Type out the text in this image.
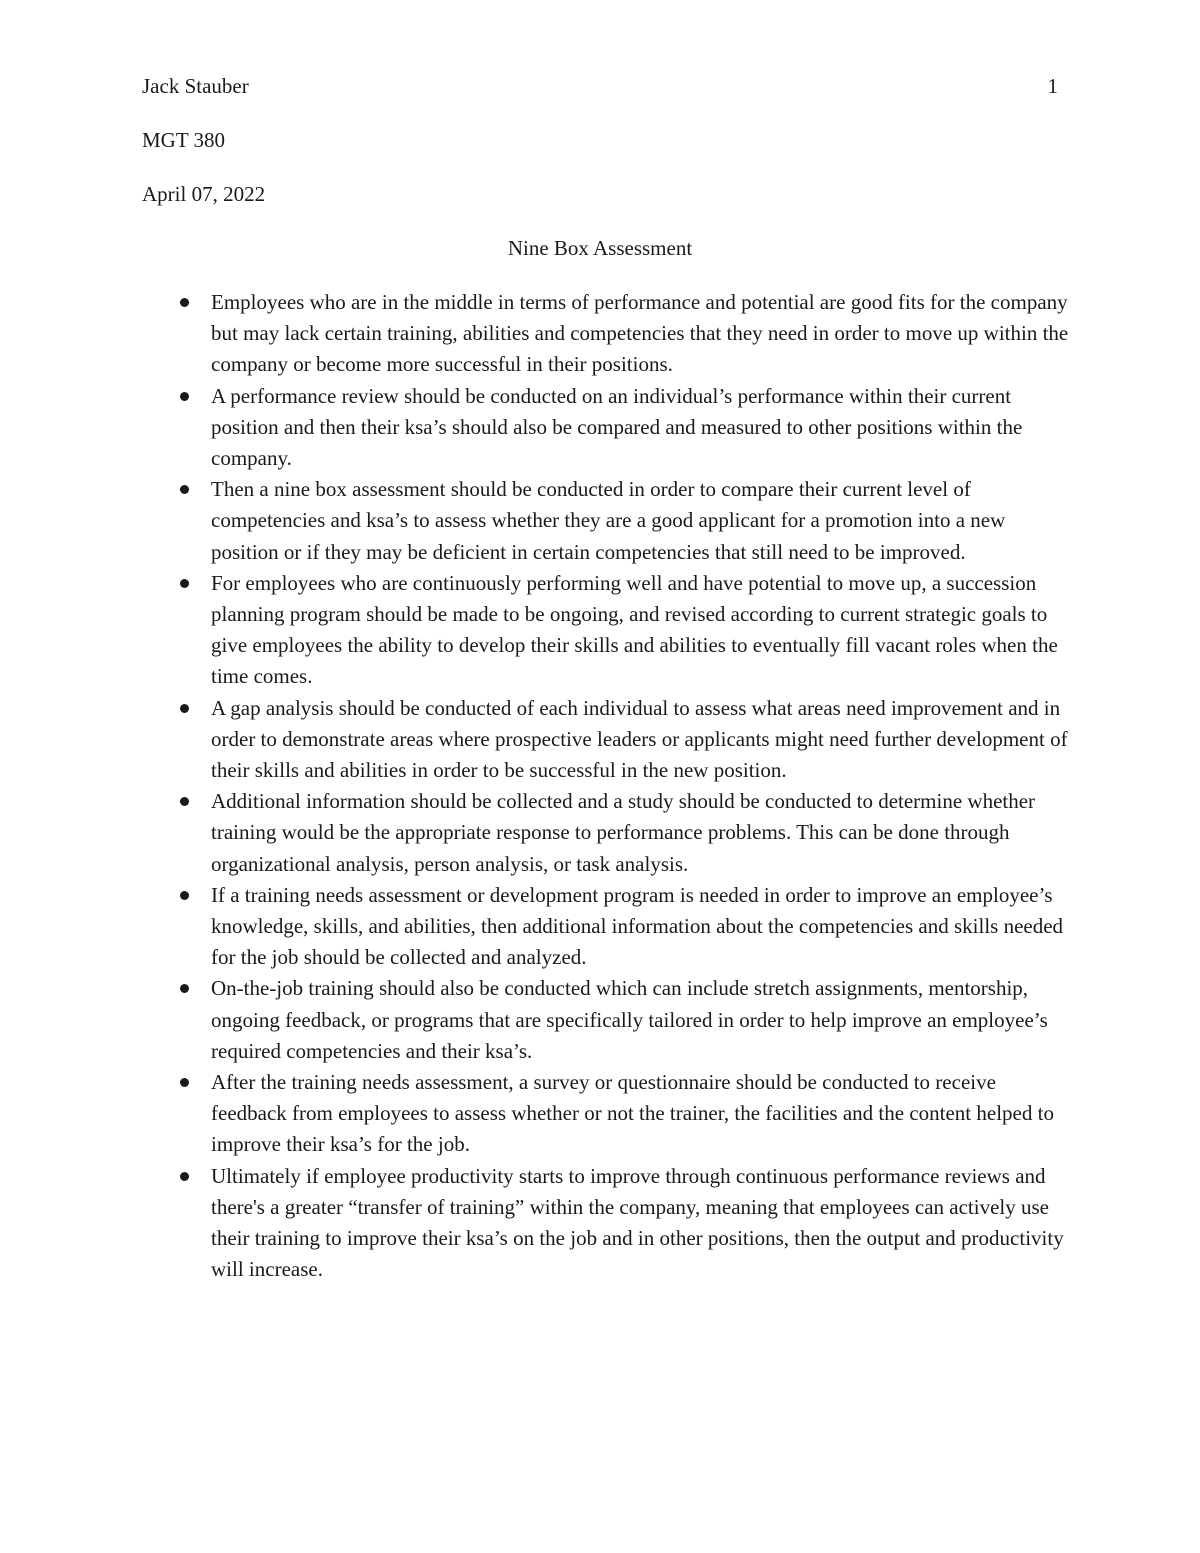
Jack Stauber	1
MGT 380
April 07, 2022
Nine Box Assessment
Employees who are in the middle in terms of performance and potential are good fits for the company but may lack certain training, abilities and competencies that they need in order to move up within the company or become more successful in their positions.
A performance review should be conducted on an individual’s performance within their current position and then their ksa’s should also be compared and measured to other positions within the company.
Then a nine box assessment should be conducted in order to compare their current level of competencies and ksa’s to assess whether they are a good applicant for a promotion into a new position or if they may be deficient in certain competencies that still need to be improved.
For employees who are continuously performing well and have potential to move up, a succession planning program should be made to be ongoing, and revised according to current strategic goals to give employees the ability to develop their skills and abilities to eventually fill vacant roles when the time comes.
A gap analysis should be conducted of each individual to assess what areas need improvement and in order to demonstrate areas where prospective leaders or applicants might need further development of their skills and abilities in order to be successful in the new position.
Additional information should be collected and a study should be conducted to determine whether training would be the appropriate response to performance problems. This can be done through organizational analysis, person analysis, or task analysis.
If a training needs assessment or development program is needed in order to improve an employee’s knowledge, skills, and abilities, then additional information about the competencies and skills needed for the job should be collected and analyzed.
On-the-job training should also be conducted which can include stretch assignments, mentorship, ongoing feedback, or programs that are specifically tailored in order to help improve an employee’s required competencies and their ksa’s.
After the training needs assessment, a survey or questionnaire should be conducted to receive feedback from employees to assess whether or not the trainer, the facilities and the content helped to improve their ksa’s for the job.
Ultimately if employee productivity starts to improve through continuous performance reviews and there's a greater “transfer of training” within the company, meaning that employees can actively use their training to improve their ksa’s on the job and in other positions, then the output and productivity will increase.
